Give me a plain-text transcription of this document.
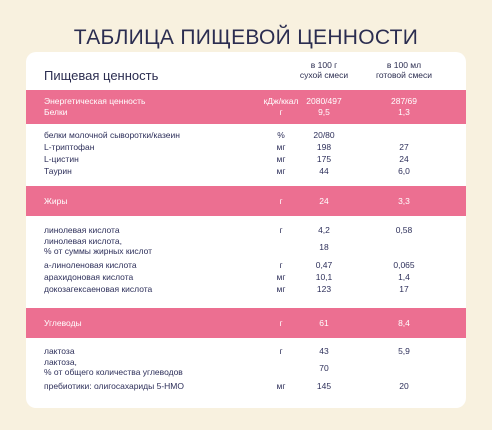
ТАБЛИЦА ПИЩЕВОЙ ЦЕННОСТИ
Пищевая ценность
в 100 г
сухой смеси
в 100 мл
готовой смеси
Энергетическая ценность	кДж/ккал 2080/497	287/69
Белки	г	9,5	1,3
белки молочной сыворотки/казеин	%	20/80
L-триптофан	мг	198	27
L-цистин	мг	175	24
Таурин	мг	44	6,0
Жиры	г	24	3,3
линолевая кислота	г	4,2	0,58
линолевая кислота,
% от суммы жирных кислот	18
а-линоленовая кислота	г	0,47	0,065
арахидоновая кислота	мг	10,1	1,4
докозагексаеновая кислота	мг	123	17
Углеводы	г	61	8,4
лактоза	г	43	5,9
лактоза,
% от общего количества углеводов	70
пребиотики: олигосахариды 5-HMO	мг	145	20
